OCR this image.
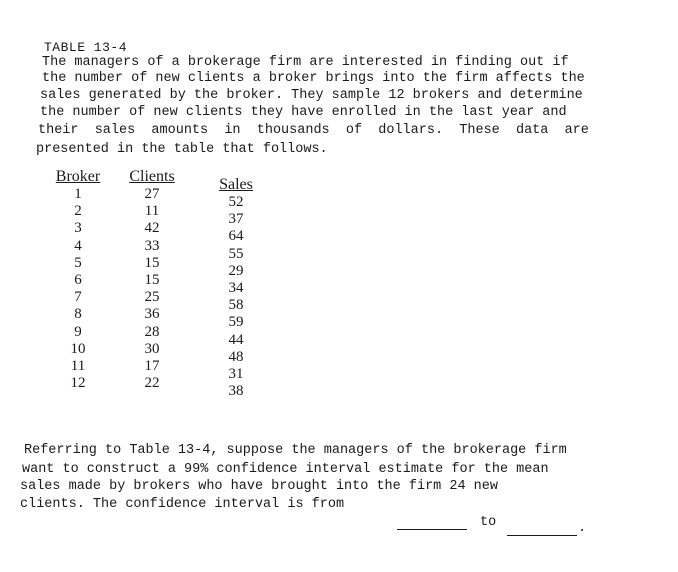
TABLE 13-4
The managers of a brokerage firm are interested in finding out if
the number of new clients a broker brings into the firm affects the
sales generated by the broker. They sample 12 brokers and determine
the number of new clients they have enrolled in the last year and
their  sales  amounts  in  thousands  of  dollars.  These  data  are
presented in the table that follows.
Broker
1
2
3
4
5
6
7
8
9
10
11
12
Clients
27
11
42
33
15
15
25
36
28
30
17
22
Sales
52
37
64
55
29
34
58
59
44
48
31
38
Referring to Table 13-4, suppose the managers of the brokerage firm
want to construct a 99% confidence interval estimate for the mean
sales made by brokers who have brought into the firm 24 new
clients. The confidence interval is from
to	.
